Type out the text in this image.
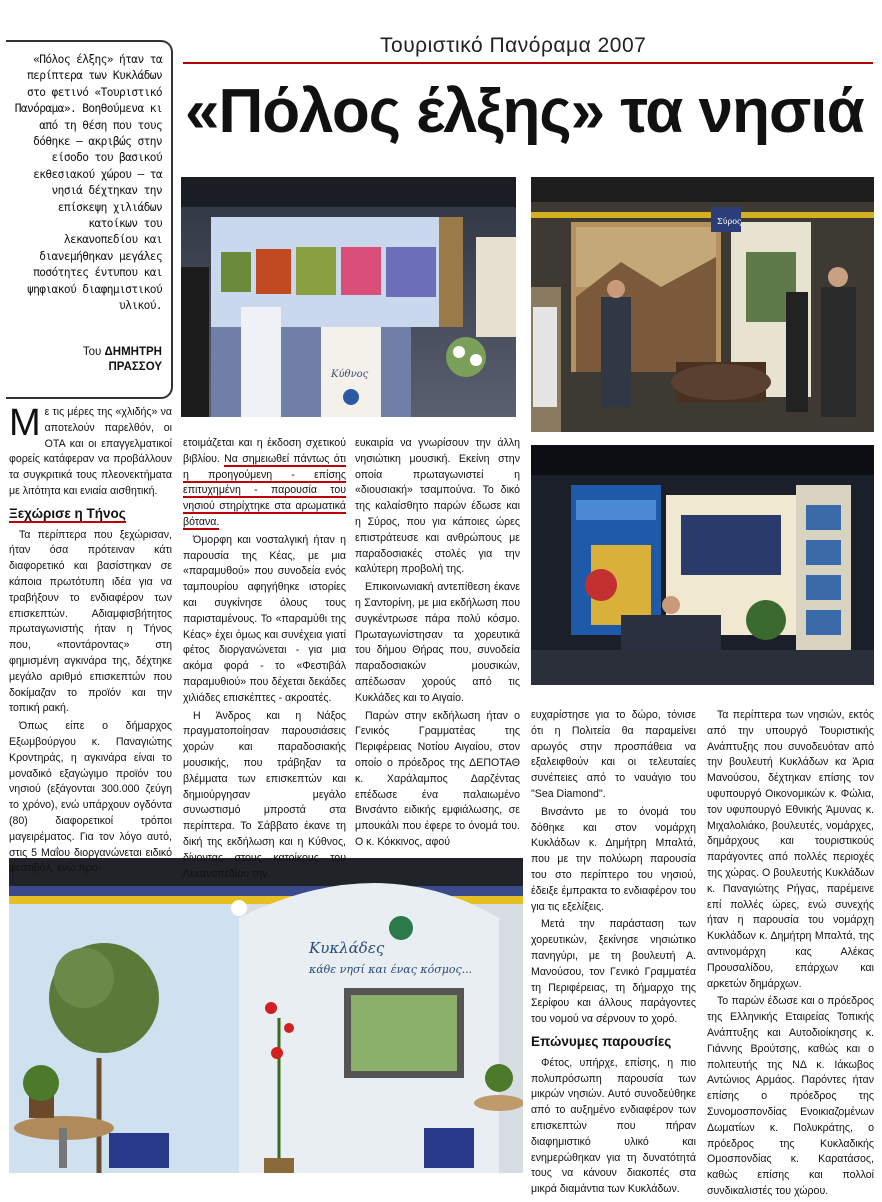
Τουριστικό Πανόραμα 2007
«Πόλος έλξης» τα νησιά
«Πόλος έλξης» ήταν τα περίπτερα των Κυκλάδων στο φετινό «Τουριστικό Πανόραμα». Βοηθούμενα κι από τη θέση που τους δόθηκε – ακριβώς στην είσοδο του βασικού εκθεσιακού χώρου – τα νησιά δέχτηκαν την επίσκεψη χιλιάδων κατοίκων του λεκανοπεδίου και διανεμήθηκαν μεγάλες ποσότητες έντυπου και ψηφιακού διαφημιστικού υλικού.
Του ΔΗΜΗΤΡΗ ΠΡΑΣΣΟΥ
Κύθνος
Σύρος
Κυκλάδες
κάθε νησί και ένας κόσμος...

Με τις μέρες της «χλιδής» να αποτελούν παρελθόν, οι ΟΤΑ και οι επαγγελματικοί φορείς κατάφεραν να προβάλλουν τα συγκριτικά τους πλεονεκτήματα με λιτότητα και ενιαία αισθητική.

Ξεχώρισε η Τήνος

Τα περίπτερα που ξεχώρισαν, ήταν όσα πρότειναν κάτι διαφορετικό και βασίστηκαν σε κάποια πρωτότυπη ιδέα για να τραβήξουν το ενδιαφέρον των επισκεπτών. Αδιαμφισβήτητος πρωταγωνιστής ήταν η Τήνος που, «ποντάροντας» στη φημισμένη αγκινάρα της, δέχτηκε μεγάλο αριθμό επισκεπτών που δοκίμαζαν το προϊόν και την τοπική ρακή.

Όπως είπε ο δήμαρχος Εξωμβούργου κ. Παναγιώτης Κροντηράς, η αγκινάρα είναι το μοναδικό εξαγώγιμο προϊόν του νησιού (εξάγονται 300.000 ζεύγη το χρόνο), ενώ υπάρχουν ογδόντα (80) διαφορετικοί τρόποι μαγειρέματος. Για τον λόγο αυτό, στις 5 Μαΐου διοργανώνεται ειδικό φεστιβάλ, ενώ προ-

ετοιμάζεται και η έκδοση σχετικού βιβλίου. Να σημειωθεί πάντως ότι η προηγούμενη - επίσης επιτυχημένη - παρουσία του νησιού στηρίχτηκε στα αρωματικά βότανα.

Όμορφη και νοσταλγική ήταν η παρουσία της Κέας, με μια «παραμυθού» που συνοδεία ενός ταμπουρίου αφηγήθηκε ιστορίες και συγκίνησε όλους τους παρισταμένους. Το «παραμύθι της Κέας» έχει όμως και συνέχεια γιατί φέτος διοργανώνεται - για μια ακόμα φορά - το «Φεστιβάλ παραμυθιού» που δέχεται δεκάδες χιλιάδες επισκέπτες - ακροατές.

Η Άνδρος και η Νάξος πραγματοποίησαν παρουσιάσεις χορών και παραδοσιακής μουσικής, που τράβηξαν τα βλέμματα των επισκεπτών και δημιούργησαν μεγάλο συνωστισμό μπροστά στα περίπτερα. Το Σάββατο έκανε τη δική της εκδήλωση και η Κύθνος, δίνοντας στους κατοίκους του Λεκανοπεδίου την

ευκαιρία να γνωρίσουν την άλλη νησιώτικη μουσική. Εκείνη στην οποία πρωταγωνιστεί η «διουσιακή» τσαμπούνα. Το δικό της καλαίσθητο παρών έδωσε και η Σύρος, που για κάποιες ώρες επιστράτευσε και ανθρώπους με παραδοσιακές στολές για την καλύτερη προβολή της.

Επικοινωνιακή αντεπίθεση έκανε η Σαντορίνη, με μια εκδήλωση που συγκέντρωσε πάρα πολύ κόσμο. Πρωταγωνίστησαν τα χορευτικά του δήμου Θήρας που, συνοδεία παραδοσιακών μουσικών, απέδωσαν χορούς από τις Κυκλάδες και το Αιγαίο.

Παρών στην εκδήλωση ήταν ο Γενικός Γραμματέας της Περιφέρειας Νοτίου Αιγαίου, στον οποίο ο πρόεδρος της ΔΕΠΟΤΑΘ κ. Χαράλαμπος Δαρζέντας επέδωσε ένα παλαιωμένο Βινσάντο ειδικής εμφιάλωσης, σε μπουκάλι που έφερε το όνομά του. Ο κ. Κόκκινος, αφού

ευχαρίστησε για το δώρο, τόνισε ότι η Πολιτεία θα παραμείνει αρωγός στην προσπάθεια να εξαλειφθούν και οι τελευταίες συνέπειες από το ναυάγιο του "Sea Diamond".

Βινσάντο με το όνομά του δόθηκε και στον νομάρχη Κυκλάδων κ. Δημήτρη Μπαλτά, που με την πολύωρη παρουσία του στο περίπτερο του νησιού, έδειξε έμπρακτα το ενδιαφέρον του για τις εξελίξεις.

Μετά την παράσταση των χορευτικών, ξεκίνησε νησιώτικο πανηγύρι, με τη βουλευτή Α. Μανούσου, τον Γενικό Γραμματέα τη Περιφέρειας, τη δήμαρχο της Σερίφου και άλλους παράγοντες του νομού να σέρνουν το χορό.

Επώνυμες παρουσίες

Φέτος, υπήρχε, επίσης, η πιο πολυπρόσωπη παρουσία των μικρών νησιών. Αυτό συνοδεύθηκε από το αυξημένο ενδιαφέρον των επισκεπτών που πήραν διαφημιστικό υλικό και ενημερώθηκαν για τη δυνατότητά τους να κάνουν διακοπές στα μικρά διαμάντια των Κυκλάδων.

Τα περίπτερα των νησιών, εκτός από την υπουργό Τουριστικής Ανάπτυξης που συνοδευόταν από την βουλευτή Κυκλάδων κα Άρια Μανούσου, δέχτηκαν επίσης τον υφυπουργό Οικονομικών κ. Φώλια, τον υφυπουργό Εθνικής Άμυνας κ. Μιχαλολιάκο, βουλευτές, νομάρχες, δημάρχους και τουριστικούς παράγοντες από πολλές περιοχές της χώρας. Ο βουλευτής Κυκλάδων κ. Παναγιώτης Ρήγας, παρέμεινε επί πολλές ώρες, ενώ συνεχής ήταν η παρουσία του νομάρχη Κυκλάδων κ. Δημήτρη Μπαλτά, της αντινομάρχη κας Αλέκας Προυσαλίδου, επάρχων και αρκετών δημάρχων.

Το παρών έδωσε και ο πρόεδρος της Ελληνικής Εταιρείας Τοπικής Ανάπτυξης και Αυτοδιοίκησης κ. Γιάννης Βρούτσης, καθώς και ο πολιτευτής της ΝΔ κ. Ιάκωβος Αντώνιος Αρμάος. Παρόντες ήταν επίσης ο πρόεδρος της Συνομοσπονδίας Ενοικιαζομένων Δωματίων κ. Πολυκράτης, ο πρόεδρος της Κυκλαδικής Ομοσπονδίας κ. Καρατάσος, καθώς επίσης και πολλοί συνδικαλιστές του χώρου.
